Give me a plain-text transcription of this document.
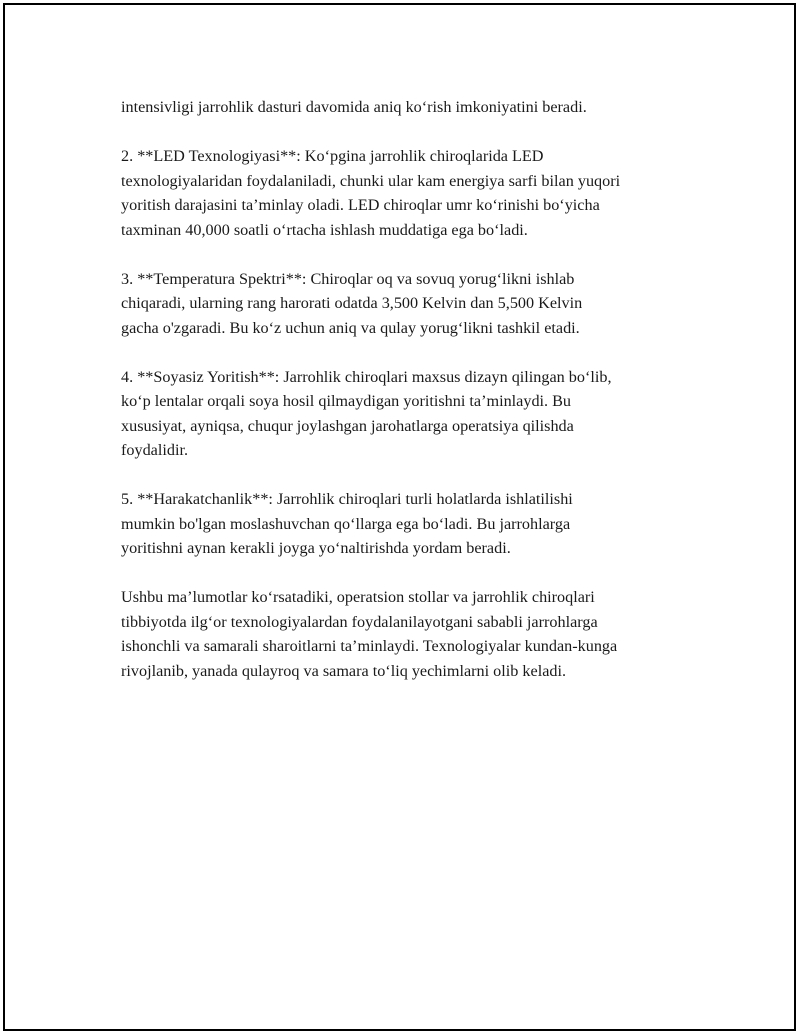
intensivligi jarrohlik dasturi davomida aniq ko‘rish imkoniyatini beradi.

2. **LED Texnologiyasi**: Ko‘pgina jarrohlik chiroqlarida LED
texnologiyalaridan foydalaniladi, chunki ular kam energiya sarfi bilan yuqori
yoritish darajasini ta’minlay oladi. LED chiroqlar umr ko‘rinishi bo‘yicha
taxminan 40,000 soatli o‘rtacha ishlash muddatiga ega bo‘ladi.

3. **Temperatura Spektri**: Chiroqlar oq va sovuq yorug‘likni ishlab
chiqaradi, ularning rang harorati odatda 3,500 Kelvin dan 5,500 Kelvin
gacha o'zgaradi. Bu ko‘z uchun aniq va qulay yorug‘likni tashkil etadi.

4. **Soyasiz Yoritish**: Jarrohlik chiroqlari maxsus dizayn qilingan bo‘lib,
ko‘p lentalar orqali soya hosil qilmaydigan yoritishni ta’minlaydi. Bu
xususiyat, ayniqsa, chuqur joylashgan jarohatlarga operatsiya qilishda
foydalidir.

5. **Harakatchanlik**: Jarrohlik chiroqlari turli holatlarda ishlatilishi
mumkin bo'lgan moslashuvchan qo‘llarga ega bo‘ladi. Bu jarrohlarga
yoritishni aynan kerakli joyga yo‘naltirishda yordam beradi.

Ushbu ma’lumotlar ko‘rsatadiki, operatsion stollar va jarrohlik chiroqlari
tibbiyotda ilg‘or texnologiyalardan foydalanilayotgani sababli jarrohlarga
ishonchli va samarali sharoitlarni ta’minlaydi. Texnologiyalar kundan-kunga
rivojlanib, yanada qulayroq va samara to‘liq yechimlarni olib keladi.
